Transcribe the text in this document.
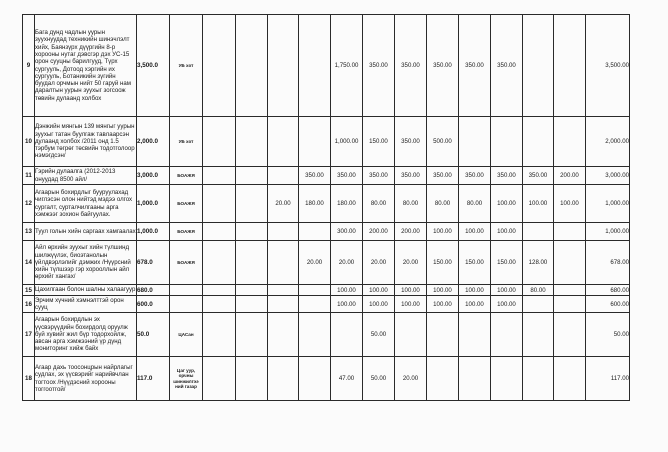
9	Бага дунд чадлын уурын зуухнуудад техникийн шинэчлэлт хийх, Баянзүрх дүүргийн 8-р хорооны нутаг дэвсгэр дэх УС-15 орон сууцны барилгууд, Түрх сургууль, Дотоод хэргийн их сургууль, Ботаникийн зүгийн буудал орчмын нийт 50 гаруй нам даралтын уурын зуухыг зогсоож төвийн дулаанд холбох	3,500.0	УБ хот					1,750.00	350.00	350.00	350.00	350.00	350.00			3,500.00
10	Дэнжийн мянгын 139 мянгыг уурын зуухыг татан буулгаж тавлаарсэн дулаанд холбох /2011 онд 1.5 тэрбум төгрөг төсвийн тодотголоор нэмэгдсэн/	2,000.0	УБ хот					1,000.00	150.00	350.00	500.00					2,000.00
11	Гэрийн дулаалга (2012-2013 онуудад 8500 айл/	3,000.0	БОАЖЯ				350.00	350.00	350.00	350.00	350.00	350.00	350.00	350.00	200.00	3,000.00
12	Агаарын бохирдлыг бууруулахад чиглэсэн олон нийтэд мэдээ олгох сургалт, сурталчилгааны арга хэмжээг зохион байгуулах.	1,000.0	БОАЖЯ			20.00	180.00	180.00	80.00	80.00	80.00	80.00	100.00	100.00	100.00	1,000.00
13	Туул голын хийн саргаах хамгаалах	1,000.0	БОАЖЯ					300.00	200.00	200.00	100.00	100.00	100.00			1,000.00
14	Айл өрхийн зуухыг хийн түлшинд шилжүүлэх, биоэтанолын үйлдвэрлэлийг дэмжих /Нүүрсний хийн түлшээр гэр хорооллын айл өрхийг хангах/	678.0	БОАЖЯ				20.00	20.00	20.00	20.00	150.00	150.00	150.00	128.00		678.00
15	Цахилгаан болон шалны халаагуур	680.0						100.00	100.00	100.00	100.00	100.00	100.00	80.00		680.00
16	Эрчим хүчний хэмнэлттэй орон сууц	600.0						100.00	100.00	100.00	100.00	100.00	100.00			600.00
17	Агаарын бохирдлын эх үүсвэрүүдийн бохирдолд оруулж буй хувийг жил бүр тодорхойлж, авсан арга хэмжээний үр дүнд мониторинг хийж байх	50.0	ЦАСан						50.00							50.00
18	Агаар дахь тоосонцрын найрлагыг судлах, эх үүсвэрийг нарийвчлан тогтоох /Нүүдэсний хорооны тоггоотгой/	117.0	Цаг уур, орчны шинжилгээ ний газар					47.00	50.00	20.00						117.00
